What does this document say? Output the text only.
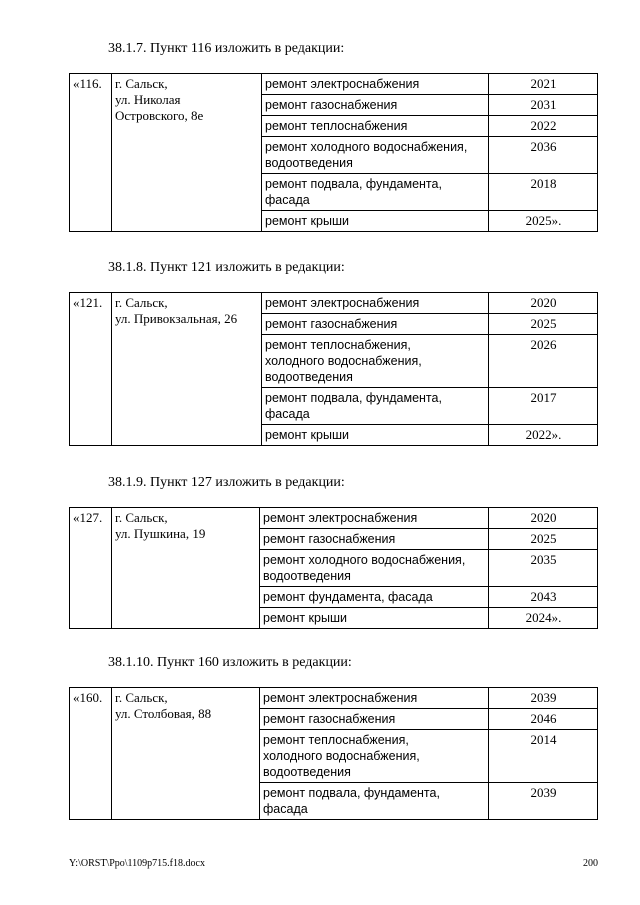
38.1.7. Пункт 116 изложить в редакции:
«116.	г. Сальск,
ул. Николая
Островского, 8е	ремонт электроснабжения	2021
		ремонт газоснабжения	2031
		ремонт теплоснабжения	2022
		ремонт холодного водоснабжения,
водоотведения	2036
		ремонт подвала, фундамента,
фасада	2018
		ремонт крыши	2025».
38.1.8. Пункт 121 изложить в редакции:
«121.	г. Сальск,
ул. Привокзальная, 26	ремонт электроснабжения	2020
		ремонт газоснабжения	2025
		ремонт теплоснабжения,
холодного водоснабжения,
водоотведения	2026
		ремонт подвала, фундамента,
фасада	2017
		ремонт крыши	2022».
38.1.9. Пункт 127 изложить в редакции:
«127.	г. Сальск,
ул. Пушкина, 19	ремонт электроснабжения	2020
		ремонт газоснабжения	2025
		ремонт холодного водоснабжения,
водоотведения	2035
		ремонт фундамента, фасада	2043
		ремонт крыши	2024».
38.1.10. Пункт 160 изложить в редакции:
«160.	г. Сальск,
ул. Столбовая, 88	ремонт электроснабжения	2039
		ремонт газоснабжения	2046
		ремонт теплоснабжения,
холодного водоснабжения,
водоотведения	2014
		ремонт подвала, фундамента,
фасада	2039
Y:\ORST\Ppo\1109p715.f18.docx	200
